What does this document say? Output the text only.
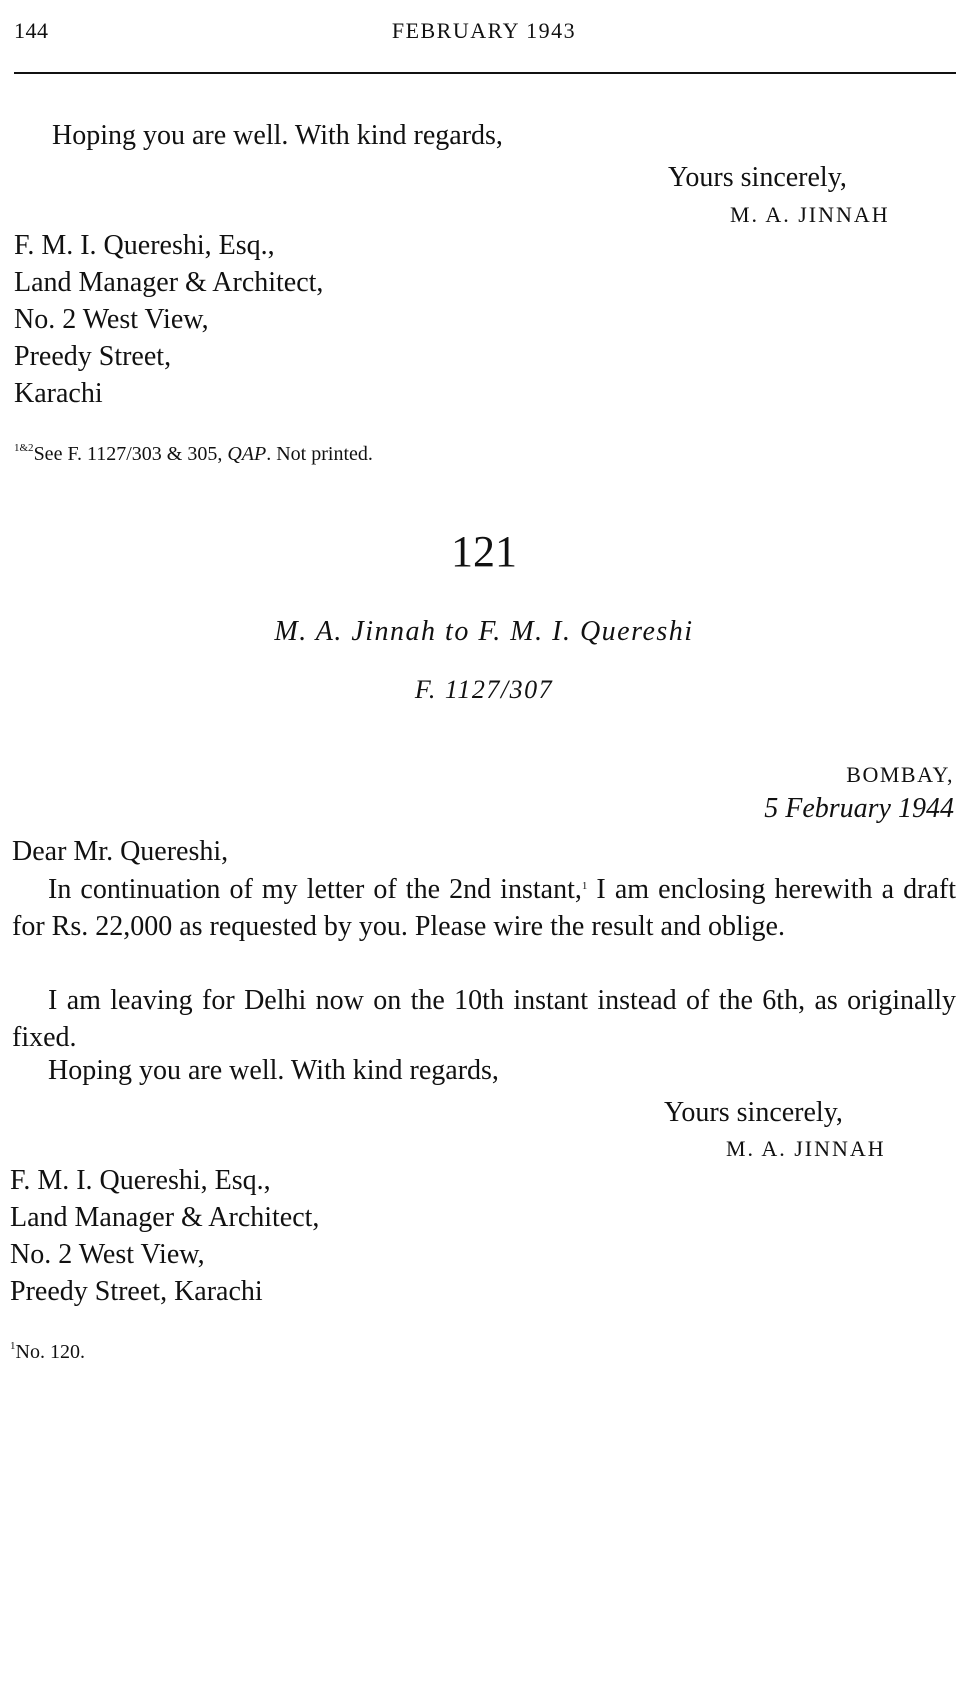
144	FEBRUARY 1943
Hoping you are well. With kind regards,
Yours sincerely,
M. A. JINNAH
F. M. I. Quereshi, Esq.,
Land Manager & Architect,
No. 2 West View,
Preedy Street,
Karachi
$^{1\&2}$See F. 1127/303 & 305, QAP. Not printed.
121
M. A. Jinnah to F. M. I. Quereshi
F. 1127/307
BOMBAY,
5 February 1944
Dear Mr. Quereshi,
In continuation of my letter of the 2nd instant,$^1$ I am enclosing herewith a draft for Rs. 22,000 as requested by you. Please wire the result and oblige.
I am leaving for Delhi now on the 10th instant instead of the 6th, as originally fixed.
Hoping you are well. With kind regards,
Yours sincerely,
M. A. JINNAH
F. M. I. Quereshi, Esq.,
Land Manager & Architect,
No. 2 West View,
Preedy Street, Karachi
$^1$No. 120.
